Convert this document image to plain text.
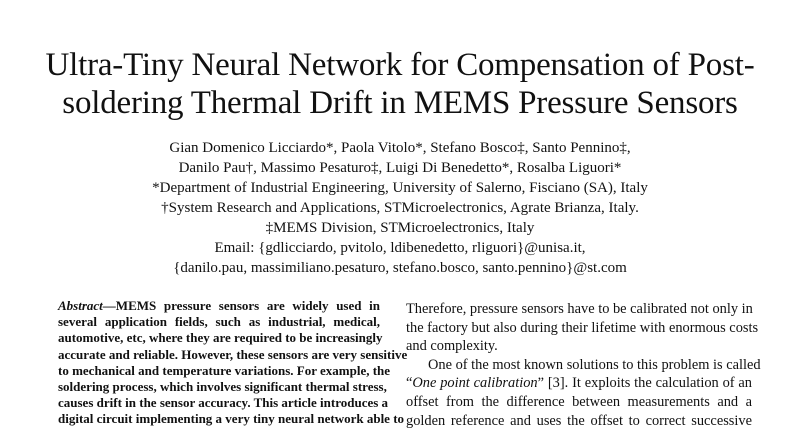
Ultra-Tiny Neural Network for Compensation of Post-
soldering Thermal Drift in MEMS Pressure Sensors
Gian Domenico Licciardo*, Paola Vitolo*, Stefano Bosco‡, Santo Pennino‡,
Danilo Pau†, Massimo Pesaturo‡, Luigi Di Benedetto*, Rosalba Liguori*
*Department of Industrial Engineering, University of Salerno, Fisciano (SA), Italy
†System Research and Applications, STMicroelectronics, Agrate Brianza, Italy.
‡MEMS Division, STMicroelectronics, Italy
Email: {gdlicciardo, pvitolo, ldibenedetto, rliguori}@unisa.it,
{danilo.pau, massimiliano.pesaturo, stefano.bosco, santo.pennino}@st.com
Abstract—MEMS pressure sensors are widely used in
several application fields, such as industrial, medical,
automotive, etc, where they are required to be increasingly
accurate and reliable. However, these sensors are very sensitive
to mechanical and temperature variations. For example, the
soldering process, which involves significant thermal stress,
causes drift in the sensor accuracy. This article introduces a
digital circuit implementing a very tiny neural network able to
Therefore, pressure sensors have to be calibrated not only in
the factory but also during their lifetime with enormous costs
and complexity.
One of the most known solutions to this problem is called
“One point calibration” [3]. It exploits the calculation of an
offset from the difference between measurements and a
golden reference and uses the offset to correct successive
